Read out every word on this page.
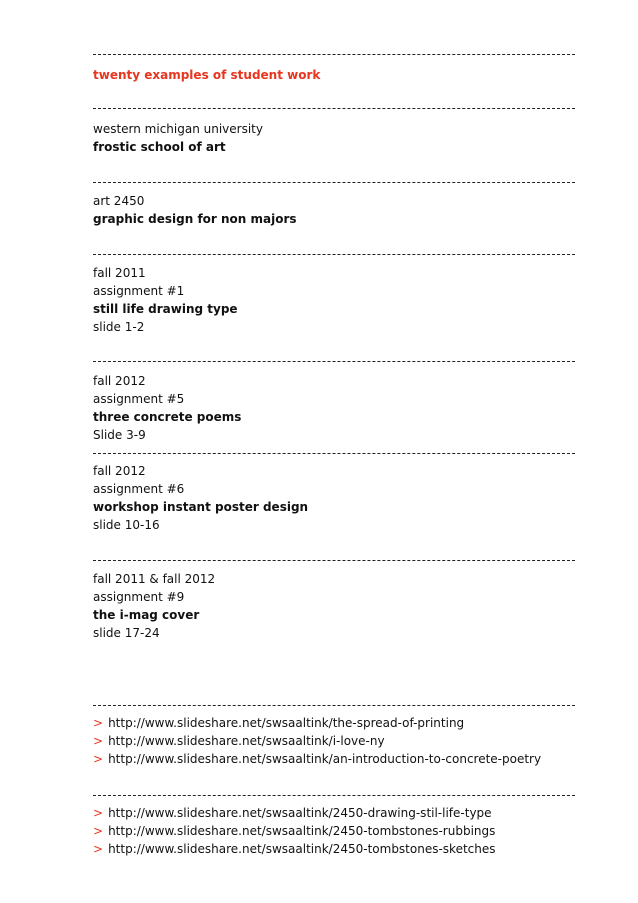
twenty examples of student work
western michigan university
frostic school of art
art 2450
graphic design for non majors
fall 2011
assignment #1
still life drawing type
slide 1-2
fall 2012
assignment #5
three concrete poems
Slide 3-9
fall 2012
assignment #6
workshop instant poster design
slide 10-16
fall 2011 & fall 2012
assignment #9
the i-mag cover
slide 17-24
> http://www.slideshare.net/swsaaltink/the-spread-of-printing
> http://www.slideshare.net/swsaaltink/i-love-ny
> http://www.slideshare.net/swsaaltink/an-introduction-to-concrete-poetry
> http://www.slideshare.net/swsaaltink/2450-drawing-stil-life-type
> http://www.slideshare.net/swsaaltink/2450-tombstones-rubbings
> http://www.slideshare.net/swsaaltink/2450-tombstones-sketches
